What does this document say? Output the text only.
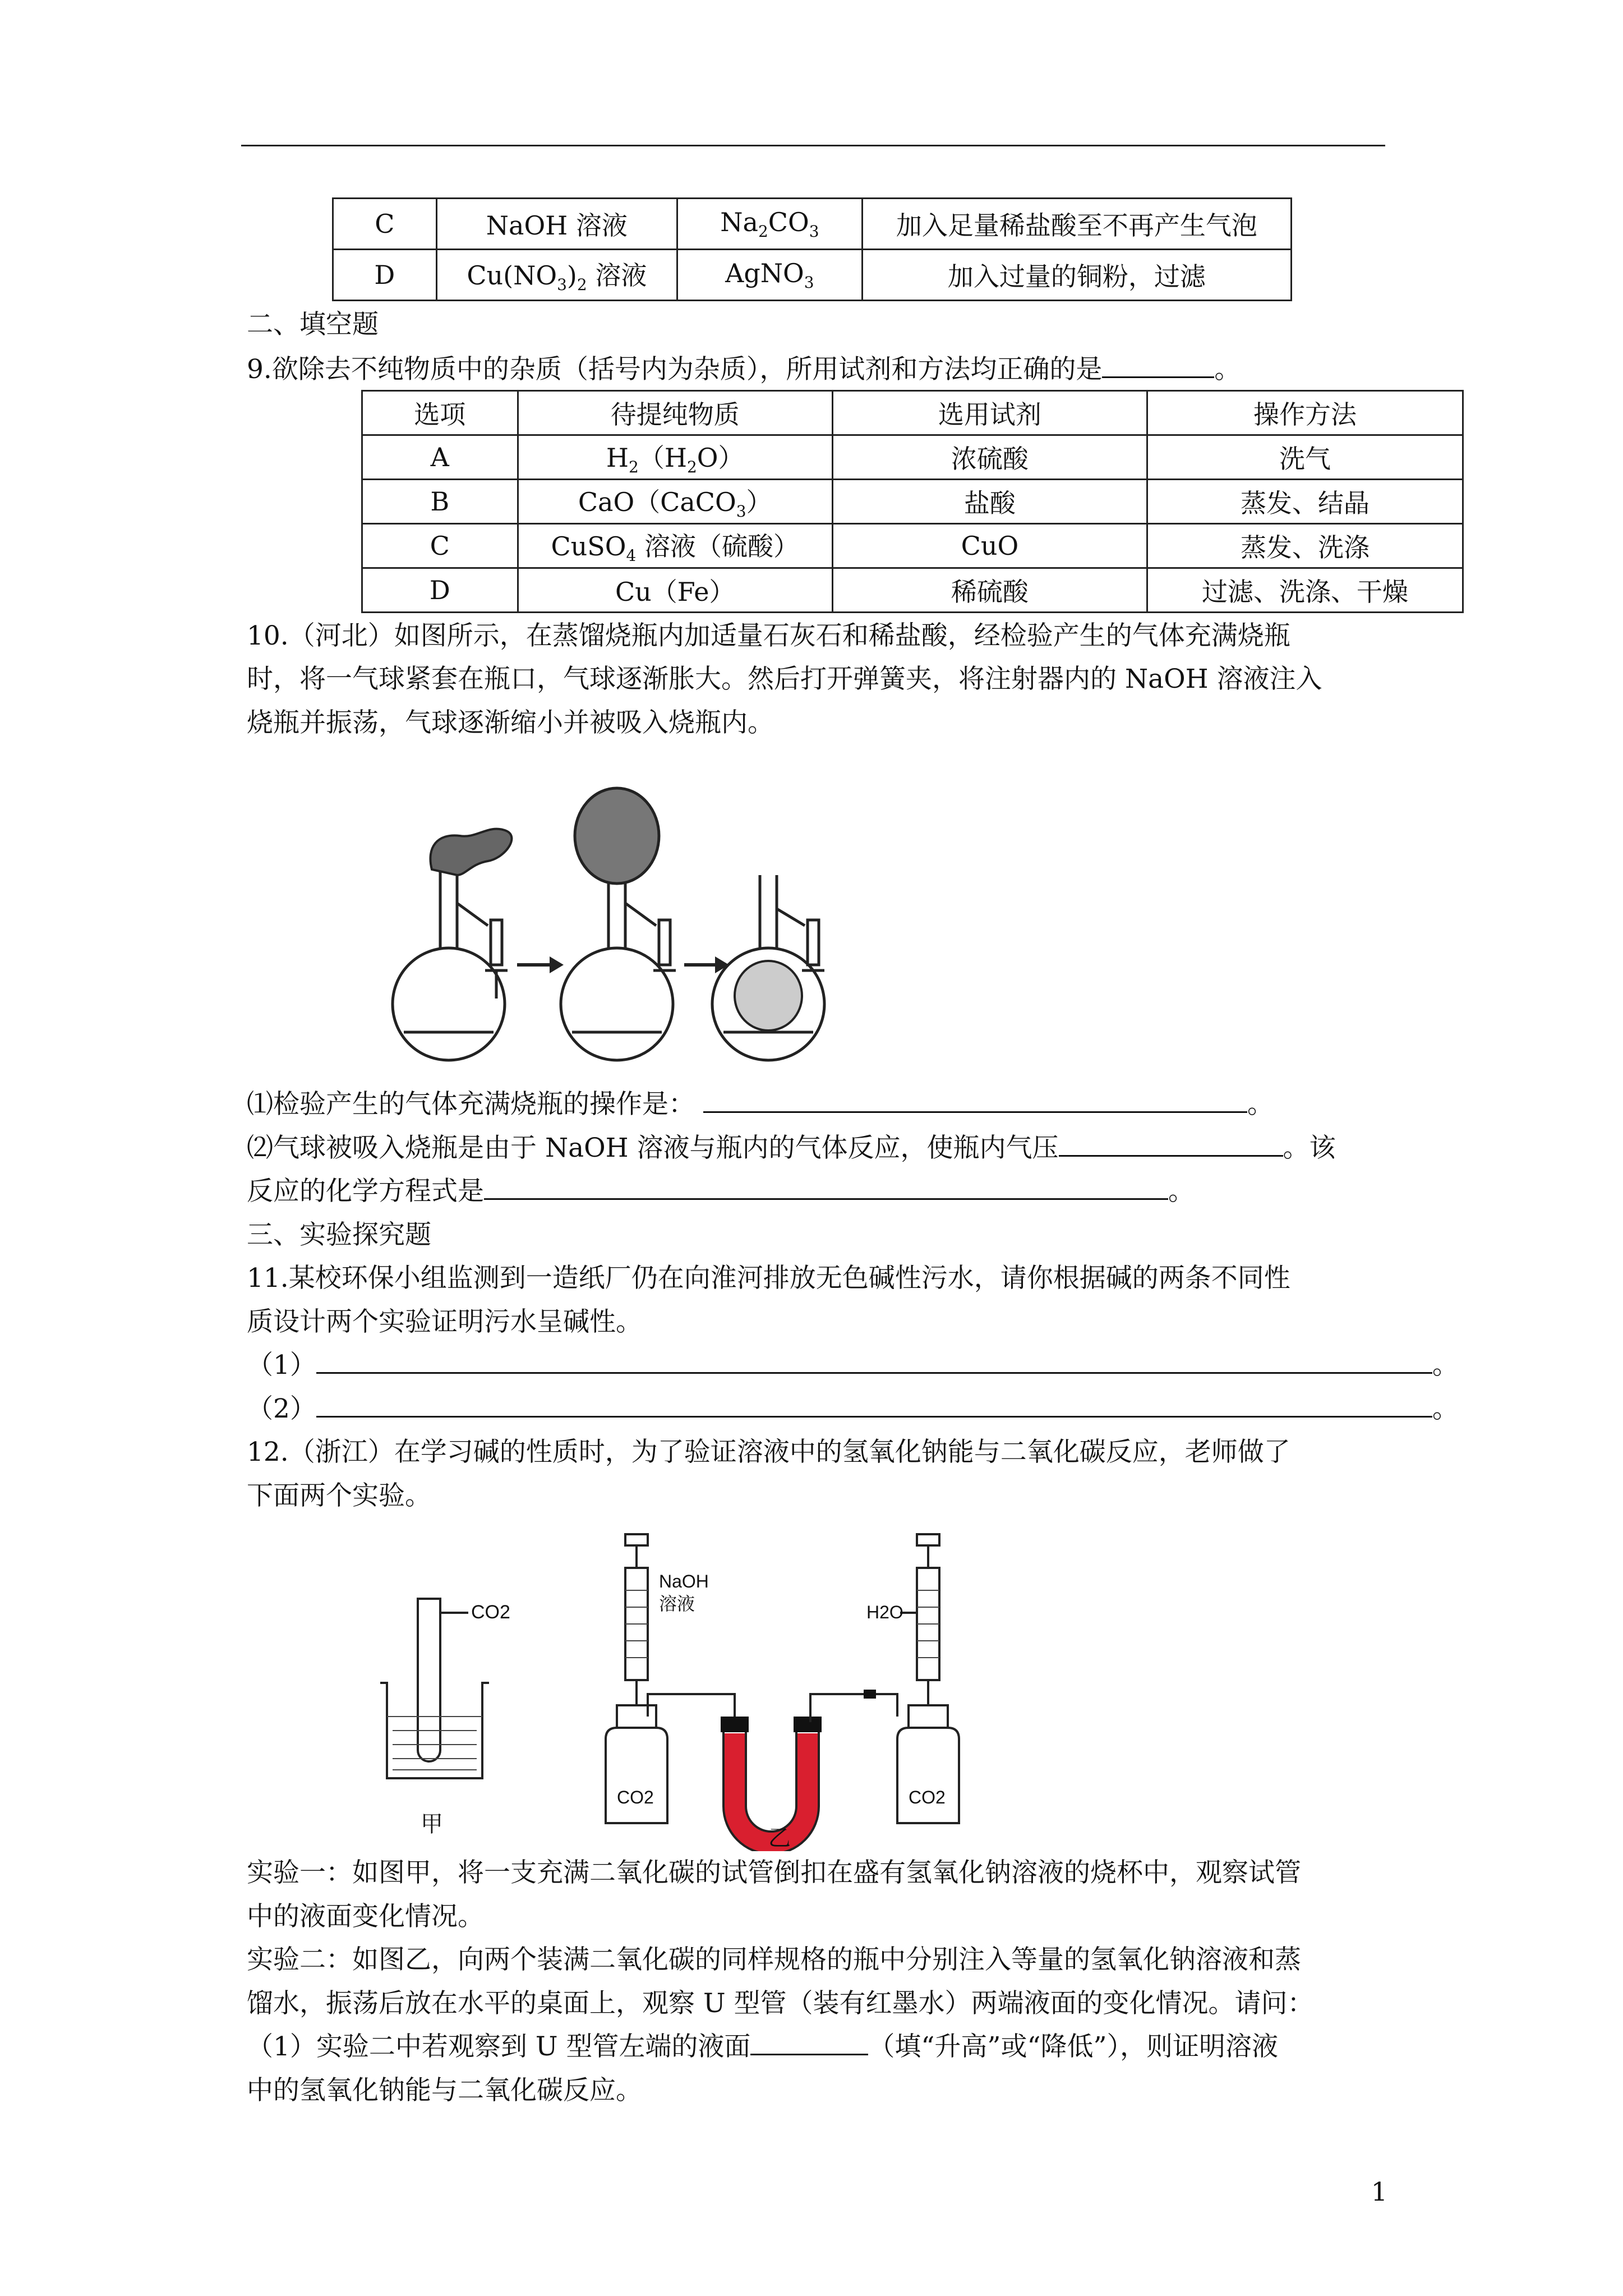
C	NaOH 溶液	$Na_2CO_3$	加入足量稀盐酸至不再产生气泡
D	$Cu(NO_3)_2$ 溶液	AgNO$_3$	加入过量的铜粉，过滤
二、填空题
9.欲除去不纯物质中的杂质（括号内为杂质），所用试剂和方法均正确的是	。
选项	待提纯物质	选用试剂	操作方法
A	$H_2(H_2O)$	浓硫酸	洗气
B	CaO（CaCO$_3$）	盐酸	蒸发、结晶
C	CuSO$_4$ 溶液（硫酸）	CuO	蒸发、洗涤
D	Cu（Fe）	稀硫酸	过滤、洗涤、干燥
10.（河北）如图所示，在蒸馏烧瓶内加适量石灰石和稀盐酸，经检验产生的气体充满烧瓶
时，将一气球紧套在瓶口，气球逐渐胀大。然后打开弹簧夹，将注射器内的 NaOH 溶液注入
烧瓶并振荡，气球逐渐缩小并被吸入烧瓶内。
⑴检验产生的气体充满烧瓶的操作是：	。
⑵气球被吸入烧瓶是由于 NaOH 溶液与瓶内的气体反应，使瓶内气压	。该
反应的化学方程式是	。
三、实验探究题
11.某校环保小组监测到一造纸厂仍在向淮河排放无色碱性污水，请你根据碱的两条不同性
质设计两个实验证明污水呈碱性。
（1）	。
（2）	。
12.（浙江）在学习碱的性质时，为了验证溶液中的氢氧化钠能与二氧化碳反应，老师做了
下面两个实验。
CO2
甲
NaOH
溶液
CO2
H2O
CO2
乙
实验一：如图甲，将一支充满二氧化碳的试管倒扣在盛有氢氧化钠溶液的烧杯中，观察试管
中的液面变化情况。
实验二：如图乙，向两个装满二氧化碳的同样规格的瓶中分别注入等量的氢氧化钠溶液和蒸
馏水，振荡后放在水平的桌面上，观察 U 型管（装有红墨水）两端液面的变化情况。请问：
（1）实验二中若观察到 U 型管左端的液面	（填“升高”或“降低”），则证明溶液
中的氢氧化钠能与二氧化碳反应。
1
